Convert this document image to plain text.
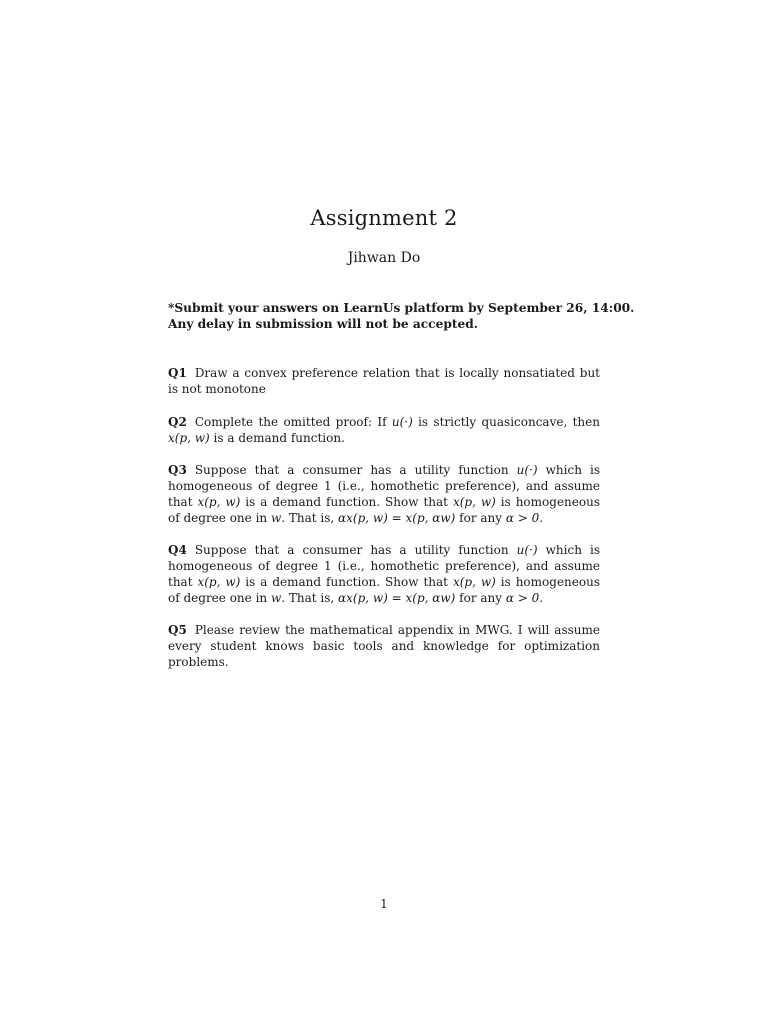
Assignment 2
Jihwan Do
*Submit your answers on LearnUs platform by September 26, 14:00.
Any delay in submission will not be accepted.
Q1 Draw a convex preference relation that is locally nonsatiated but is not monotone
Q2 Complete the omitted proof: If u(·) is strictly quasiconcave, then x(p, w) is a demand function.
Q3 Suppose that a consumer has a utility function u(·) which is homogeneous of degree 1 (i.e., homothetic preference), and assume that x(p, w) is a demand function. Show that x(p, w) is homogeneous of degree one in w. That is, αx(p, w) = x(p, αw) for any α > 0.
Q4 Suppose that a consumer has a utility function u(·) which is homogeneous of degree 1 (i.e., homothetic preference), and assume that x(p, w) is a demand function. Show that x(p, w) is homogeneous of degree one in w. That is, αx(p, w) = x(p, αw) for any α > 0.
Q5 Please review the mathematical appendix in MWG. I will assume every student knows basic tools and knowledge for optimization problems.
1
